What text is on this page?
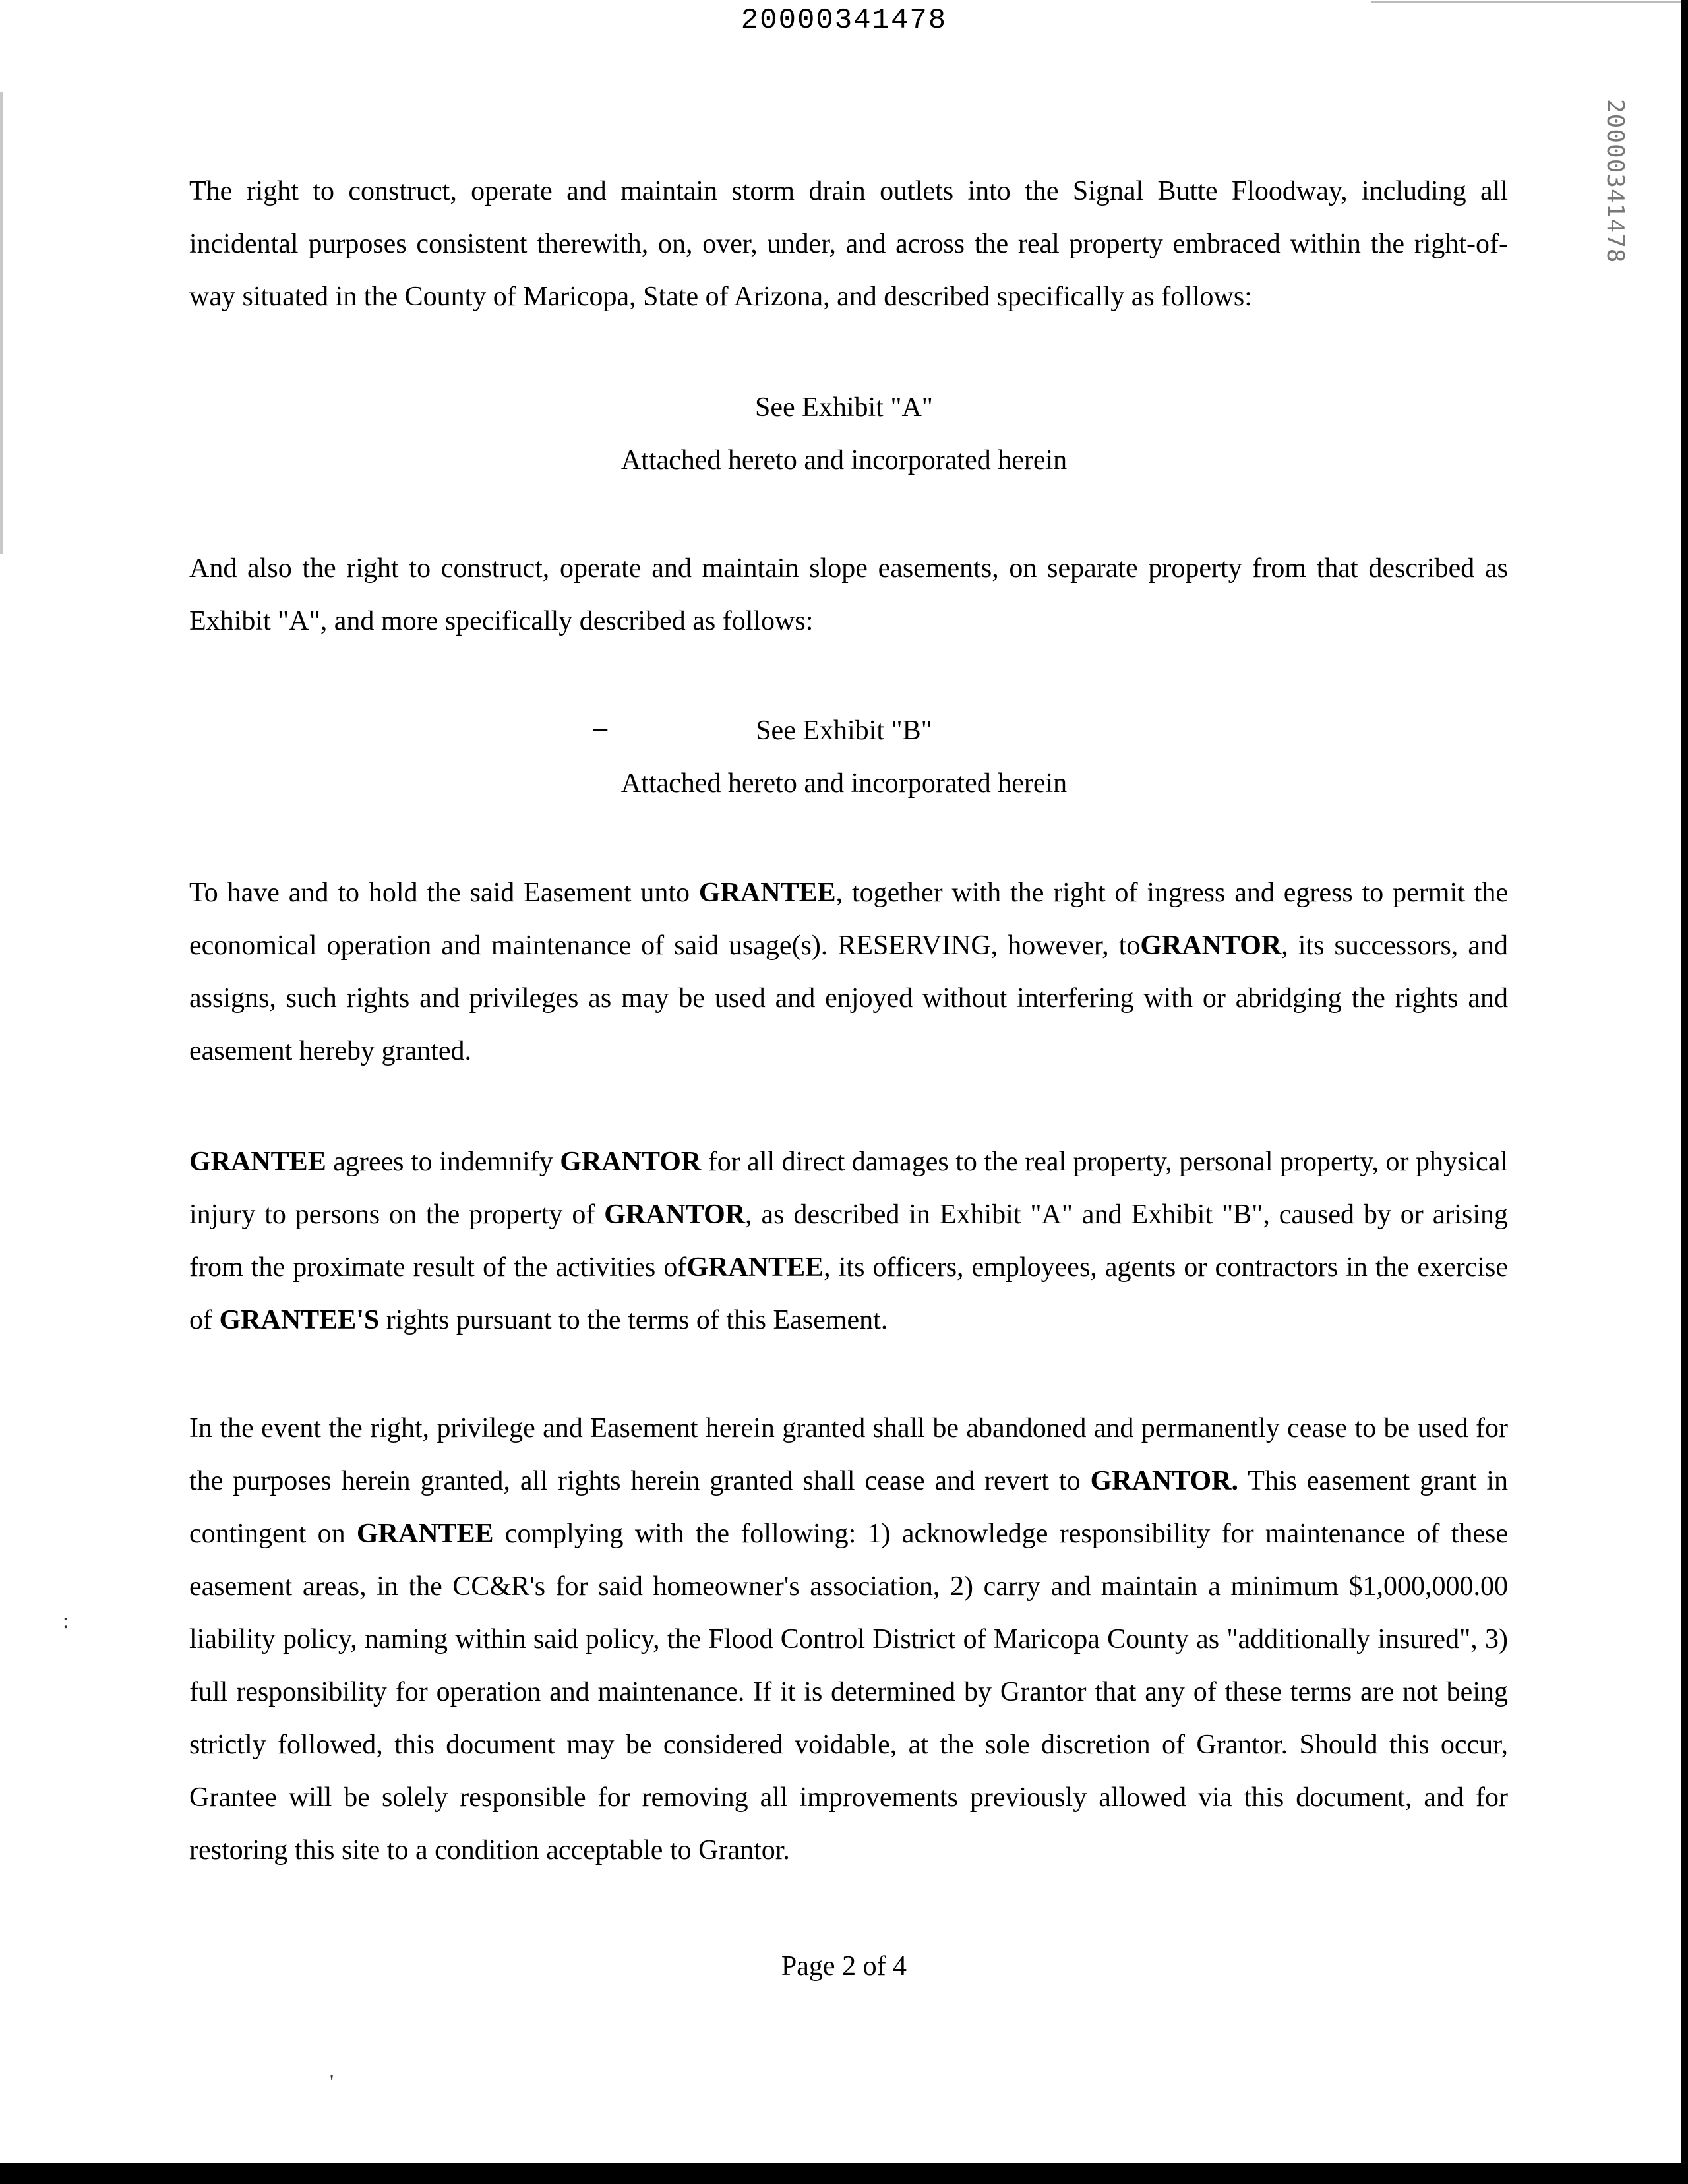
20000341478
20000341478

The right to construct, operate and maintain storm drain outlets into the Signal Butte Floodway, including all incidental purposes consistent therewith, on, over, under, and across the real property embraced within the right-of-way situated in the County of Maricopa, State of Arizona, and described specifically as follows:

See Exhibit "A"

Attached hereto and incorporated herein

And also the right to construct, operate and maintain slope easements, on separate property from that described as Exhibit "A", and more specifically described as follows:

–	See Exhibit "B"

Attached hereto and incorporated herein

To have and to hold the said Easement unto GRANTEE, together with the right of ingress and egress to permit the economical operation and maintenance of said usage(s). RESERVING, however, toGRANTOR, its successors, and assigns, such rights and privileges as may be used and enjoyed without interfering with or abridging the rights and easement hereby granted.

GRANTEE agrees to indemnify GRANTOR for all direct damages to the real property, personal property, or physical injury to persons on the property of GRANTOR, as described in Exhibit "A" and Exhibit "B", caused by or arising from the proximate result of the activities ofGRANTEE, its officers, employees, agents or contractors in the exercise of GRANTEE'S rights pursuant to the terms of this Easement.

In the event the right, privilege and Easement herein granted shall be abandoned and permanently cease to be used for the purposes herein granted, all rights herein granted shall cease and revert to GRANTOR. This easement grant in contingent on GRANTEE complying with the following: 1) acknowledge responsibility for maintenance of these easement areas, in the CC&R's for said homeowner's association, 2) carry and maintain a minimum $1,000,000.00 liability policy, naming within said policy, the Flood Control District of Maricopa County as "additionally insured", 3) full responsibility for operation and maintenance. If it is determined by Grantor that any of these terms are not being strictly followed, this document may be considered voidable, at the sole discretion of Grantor. Should this occur, Grantee will be solely responsible for removing all improvements previously allowed via this document, and for restoring this site to a condition acceptable to Grantor.

Page 2 of 4

'
:
